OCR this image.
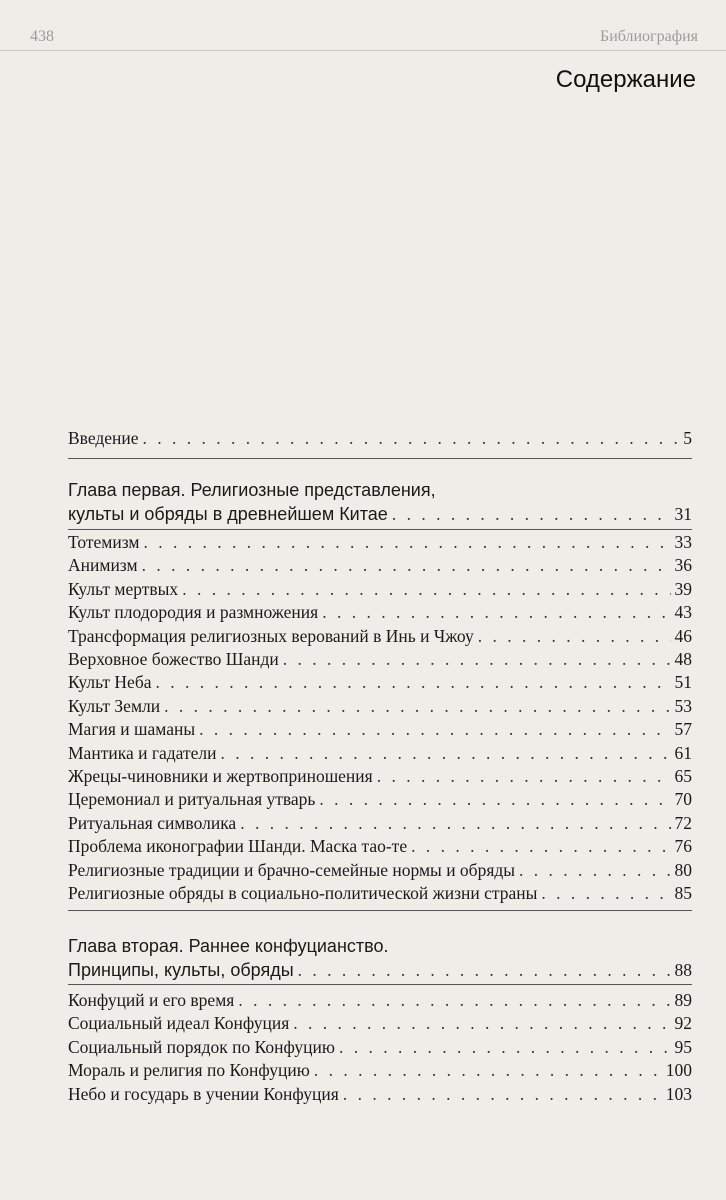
438	Библиография
Содержание
Введение . . .	5
Глава первая. Религиозные представления,
культы и обряды в древнейшем Китае . . .	31
Тотемизм . . .	33
Анимизм . . .	36
Культ мертвых . . .	39
Культ плодородия и размножения . . .	43
Трансформация религиозных верований в Инь и Чжоу . . .	46
Верховное божество Шанди . . .	48
Культ Неба . . .	51
Культ Земли . . .	53
Магия и шаманы . . .	57
Мантика и гадатели . . .	61
Жрецы-чиновники и жертвоприношения . . .	65
Церемониал и ритуальная утварь . . .	70
Ритуальная символика . . .	72
Проблема иконографии Шанди. Маска тао-те . . .	76
Религиозные традиции и брачно-семейные нормы и обряды . . .	80
Религиозные обряды в социально-политической жизни страны . . .	85
Глава вторая. Раннее конфуцианство.
Принципы, культы, обряды . . .	88
Конфуций и его время . . .	89
Социальный идеал Конфуция . . .	92
Социальный порядок по Конфуцию . . .	95
Мораль и религия по Конфуцию . . .	100
Небо и государь в учении Конфуция . . .	103
